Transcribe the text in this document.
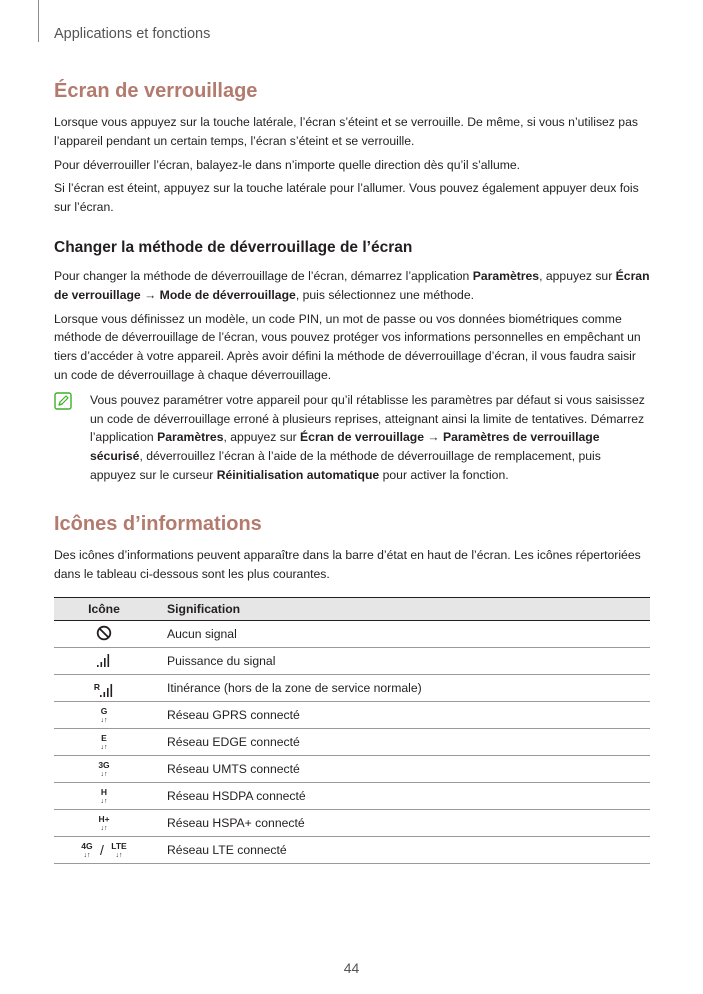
Applications et fonctions
Écran de verrouillage

Lorsque vous appuyez sur la touche latérale, l’écran s’éteint et se verrouille. De même, si vous n’utilisez pas l’appareil pendant un certain temps, l’écran s’éteint et se verrouille.

Pour déverrouiller l’écran, balayez-le dans n’importe quelle direction dès qu’il s’allume.

Si l’écran est éteint, appuyez sur la touche latérale pour l’allumer. Vous pouvez également appuyer deux fois sur l’écran.

Changer la méthode de déverrouillage de l’écran

Pour changer la méthode de déverrouillage de l’écran, démarrez l’application Paramètres, appuyez sur Écran de verrouillage → Mode de déverrouillage, puis sélectionnez une méthode.

Lorsque vous définissez un modèle, un code PIN, un mot de passe ou vos données biométriques comme méthode de déverrouillage de l’écran, vous pouvez protéger vos informations personnelles en empêchant un tiers d’accéder à votre appareil. Après avoir défini la méthode de déverrouillage d’écran, il vous faudra saisir un code de déverrouillage à chaque déverrouillage.

Vous pouvez paramétrer votre appareil pour qu’il rétablisse les paramètres par défaut si vous saisissez un code de déverrouillage erroné à plusieurs reprises, atteignant ainsi la limite de tentatives. Démarrez l’application Paramètres, appuyez sur Écran de verrouillage → Paramètres de verrouillage sécurisé, déverrouillez l’écran à l’aide de la méthode de déverrouillage de remplacement, puis appuyez sur le curseur Réinitialisation automatique pour activer la fonction.

Icônes d’informations

Des icônes d’informations peuvent apparaître dans la barre d’état en haut de l’écran. Les icônes répertoriées dans le tableau ci-dessous sont les plus courantes.

Icône	Signification
	Aucun signal
	Puissance du signal

R	Itinérance (hors de la zone de service normale)

G
↓↑	Réseau GPRS connecté

E
↓↑	Réseau EDGE connecté

3G
↓↑	Réseau UMTS connecté

H
↓↑	Réseau HSDPA connecté

H+
↓↑	Réseau HSPA+ connecté

4G
↓↑ / LTE
↓↑	Réseau LTE connecté
44
